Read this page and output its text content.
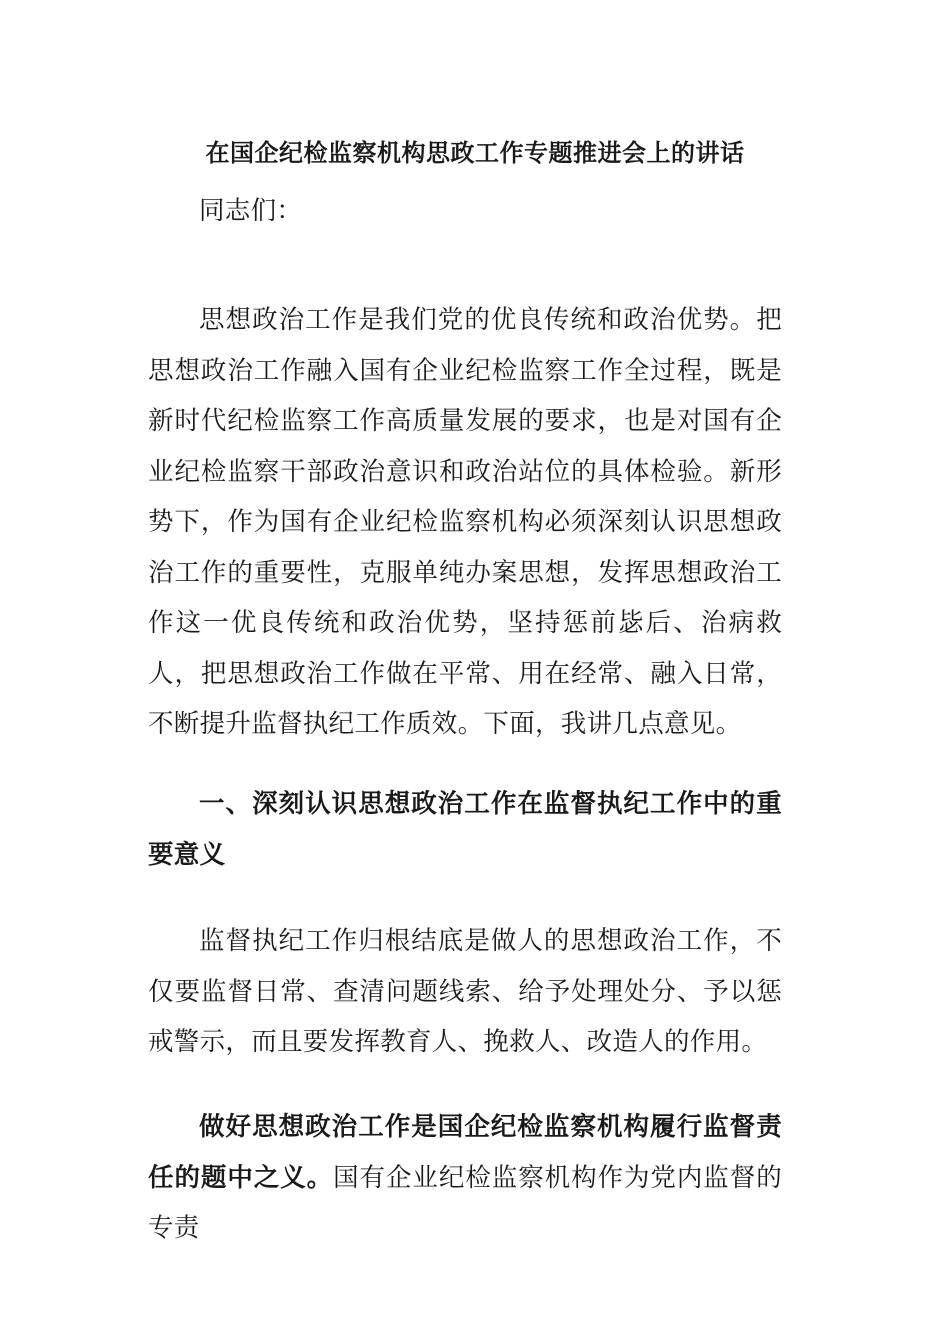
在国企纪检监察机构思政工作专题推进会上的讲话

同志们：

思想政治工作是我们党的优良传统和政治优势。把思想政治工作融入国有企业纪检监察工作全过程，既是新时代纪检监察工作高质量发展的要求，也是对国有企业纪检监察干部政治意识和政治站位的具体检验。新形势下，作为国有企业纪检监察机构必须深刻认识思想政治工作的重要性，克服单纯办案思想，发挥思想政治工作这一优良传统和政治优势，坚持惩前毖后、治病救人，把思想政治工作做在平常、用在经常、融入日常，不断提升监督执纪工作质效。下面，我讲几点意见。

一、深刻认识思想政治工作在监督执纪工作中的重要意义

监督执纪工作归根结底是做人的思想政治工作，不仅要监督日常、查清问题线索、给予处理处分、予以惩戒警示，而且要发挥教育人、挽救人、改造人的作用。

做好思想政治工作是国企纪检监察机构履行监督责任的题中之义。国有企业纪检监察机构作为党内监督的专责
